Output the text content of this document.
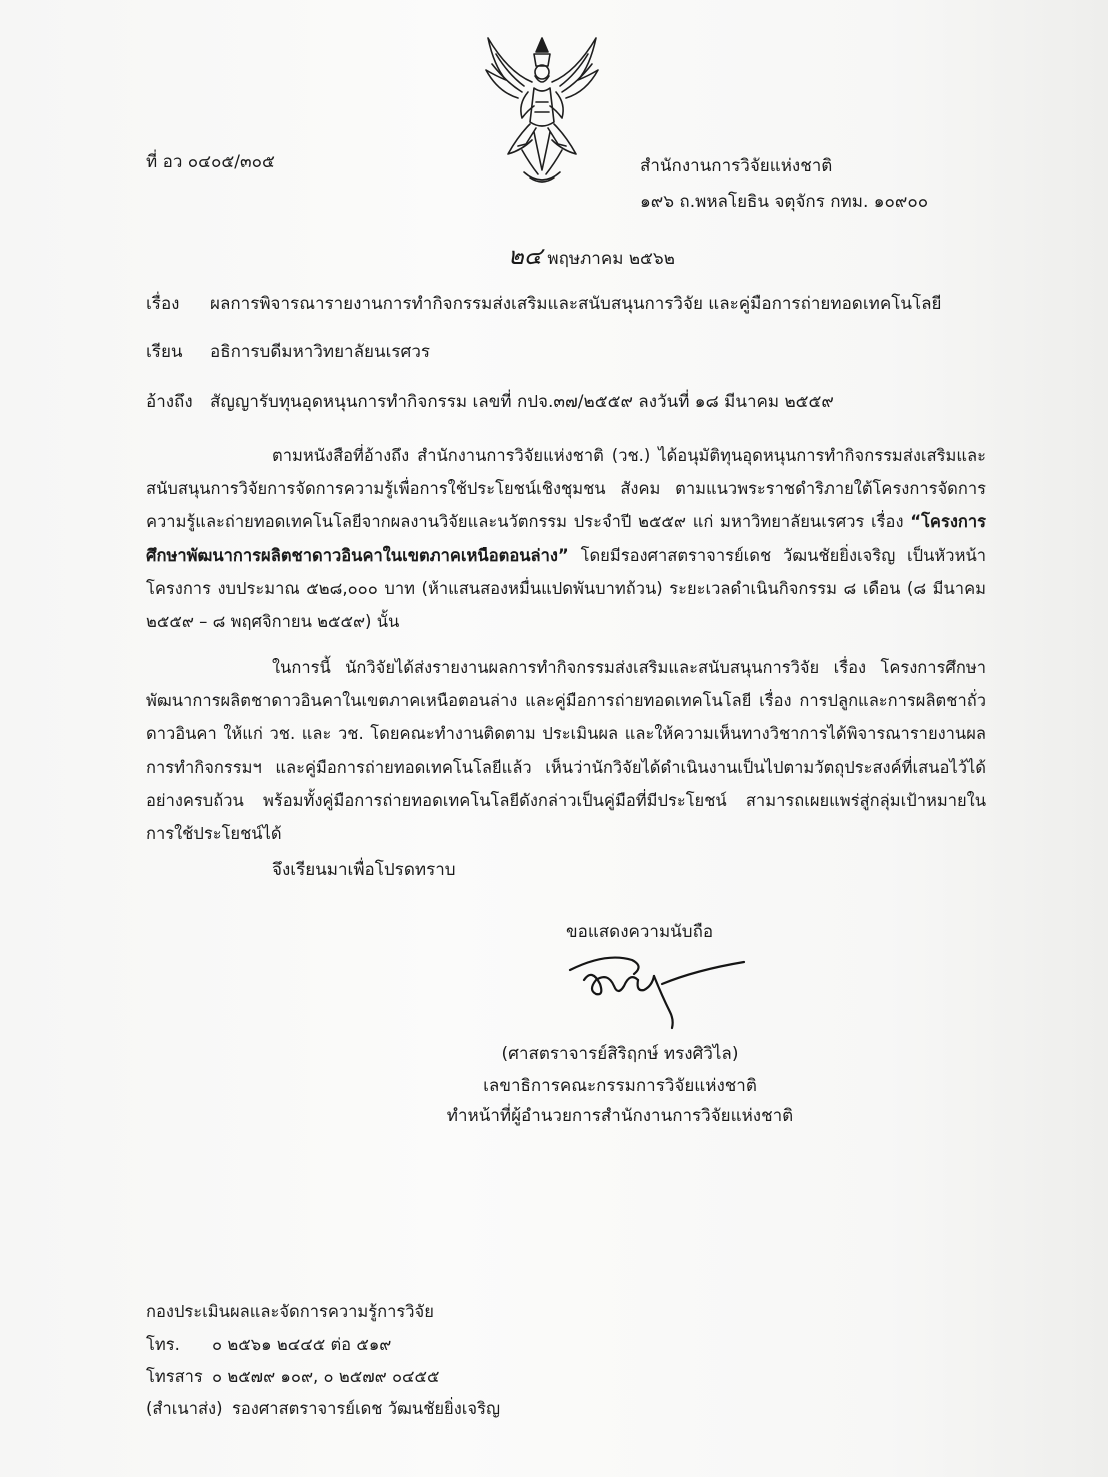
ที่ อว ๐๔๐๕/๓๐๕	สำนักงานการวิจัยแห่งชาติ
๑๙๖ ถ.พหลโยธิน จตุจักร กทม. ๑๐๙๐๐
๒๔ พฤษภาคม ๒๕๖๒
เรื่อง ผลการพิจารณารายงานการทำกิจกรรมส่งเสริมและสนับสนุนการวิจัย และคู่มือการถ่ายทอดเทคโนโลยี
เรียน อธิการบดีมหาวิทยาลัยนเรศวร
อ้างถึง สัญญารับทุนอุดหนุนการทำกิจกรรม เลขที่ กปจ.๓๗/๒๕๕๙ ลงวันที่ ๑๘ มีนาคม ๒๕๕๙
ตามหนังสือที่อ้างถึง สำนักงานการวิจัยแห่งชาติ (วช.) ได้อนุมัติทุนอุดหนุนการทำกิจกรรมส่งเสริมและสนับสนุนการวิจัยการจัดการความรู้เพื่อการใช้ประโยชน์เชิงชุมชน สังคม ตามแนวพระราชดำริภายใต้โครงการจัดการความรู้และถ่ายทอดเทคโนโลยีจากผลงานวิจัยและนวัตกรรม ประจำปี ๒๕๕๙ แก่ มหาวิทยาลัยนเรศวร เรื่อง “โครงการศึกษาพัฒนาการผลิตชาดาวอินคาในเขตภาคเหนือตอนล่าง” โดยมีรองศาสตราจารย์เดช วัฒนชัยยิ่งเจริญ เป็นหัวหน้าโครงการ งบประมาณ ๕๒๘,๐๐๐ บาท (ห้าแสนสองหมื่นแปดพันบาทถ้วน) ระยะเวลดำเนินกิจกรรม ๘ เดือน (๘ มีนาคม ๒๕๕๙ – ๘ พฤศจิกายน ๒๕๕๙) นั้น
ในการนี้ นักวิจัยได้ส่งรายงานผลการทำกิจกรรมส่งเสริมและสนับสนุนการวิจัย เรื่อง โครงการศึกษาพัฒนาการผลิตชาดาวอินคาในเขตภาคเหนือตอนล่าง และคู่มือการถ่ายทอดเทคโนโลยี เรื่อง การปลูกและการผลิตชาถั่วดาวอินคา ให้แก่ วช. และ วช. โดยคณะทำงานติดตาม ประเมินผล และให้ความเห็นทางวิชาการได้พิจารณารายงานผลการทำกิจกรรมฯ และคู่มือการถ่ายทอดเทคโนโลยีแล้ว เห็นว่านักวิจัยได้ดำเนินงานเป็นไปตามวัตถุประสงค์ที่เสนอไว้ได้อย่างครบถ้วน พร้อมทั้งคู่มือการถ่ายทอดเทคโนโลยีดังกล่าวเป็นคู่มือที่มีประโยชน์ สามารถเผยแพร่สู่กลุ่มเป้าหมายในการใช้ประโยชน์ได้
จึงเรียนมาเพื่อโปรดทราบ
ขอแสดงความนับถือ
(ศาสตราจารย์สิริฤกษ์ ทรงศิวิไล)
เลขาธิการคณะกรรมการวิจัยแห่งชาติ
ทำหน้าที่ผู้อำนวยการสำนักงานการวิจัยแห่งชาติ
กองประเมินผลและจัดการความรู้การวิจัย
โทร. ๐ ๒๕๖๑ ๒๔๔๕ ต่อ ๕๑๙
โทรสาร ๐ ๒๕๗๙ ๑๐๙, ๐ ๒๕๗๙ ๐๔๕๕
(สำเนาส่ง) รองศาสตราจารย์เดช วัฒนชัยยิ่งเจริญ
